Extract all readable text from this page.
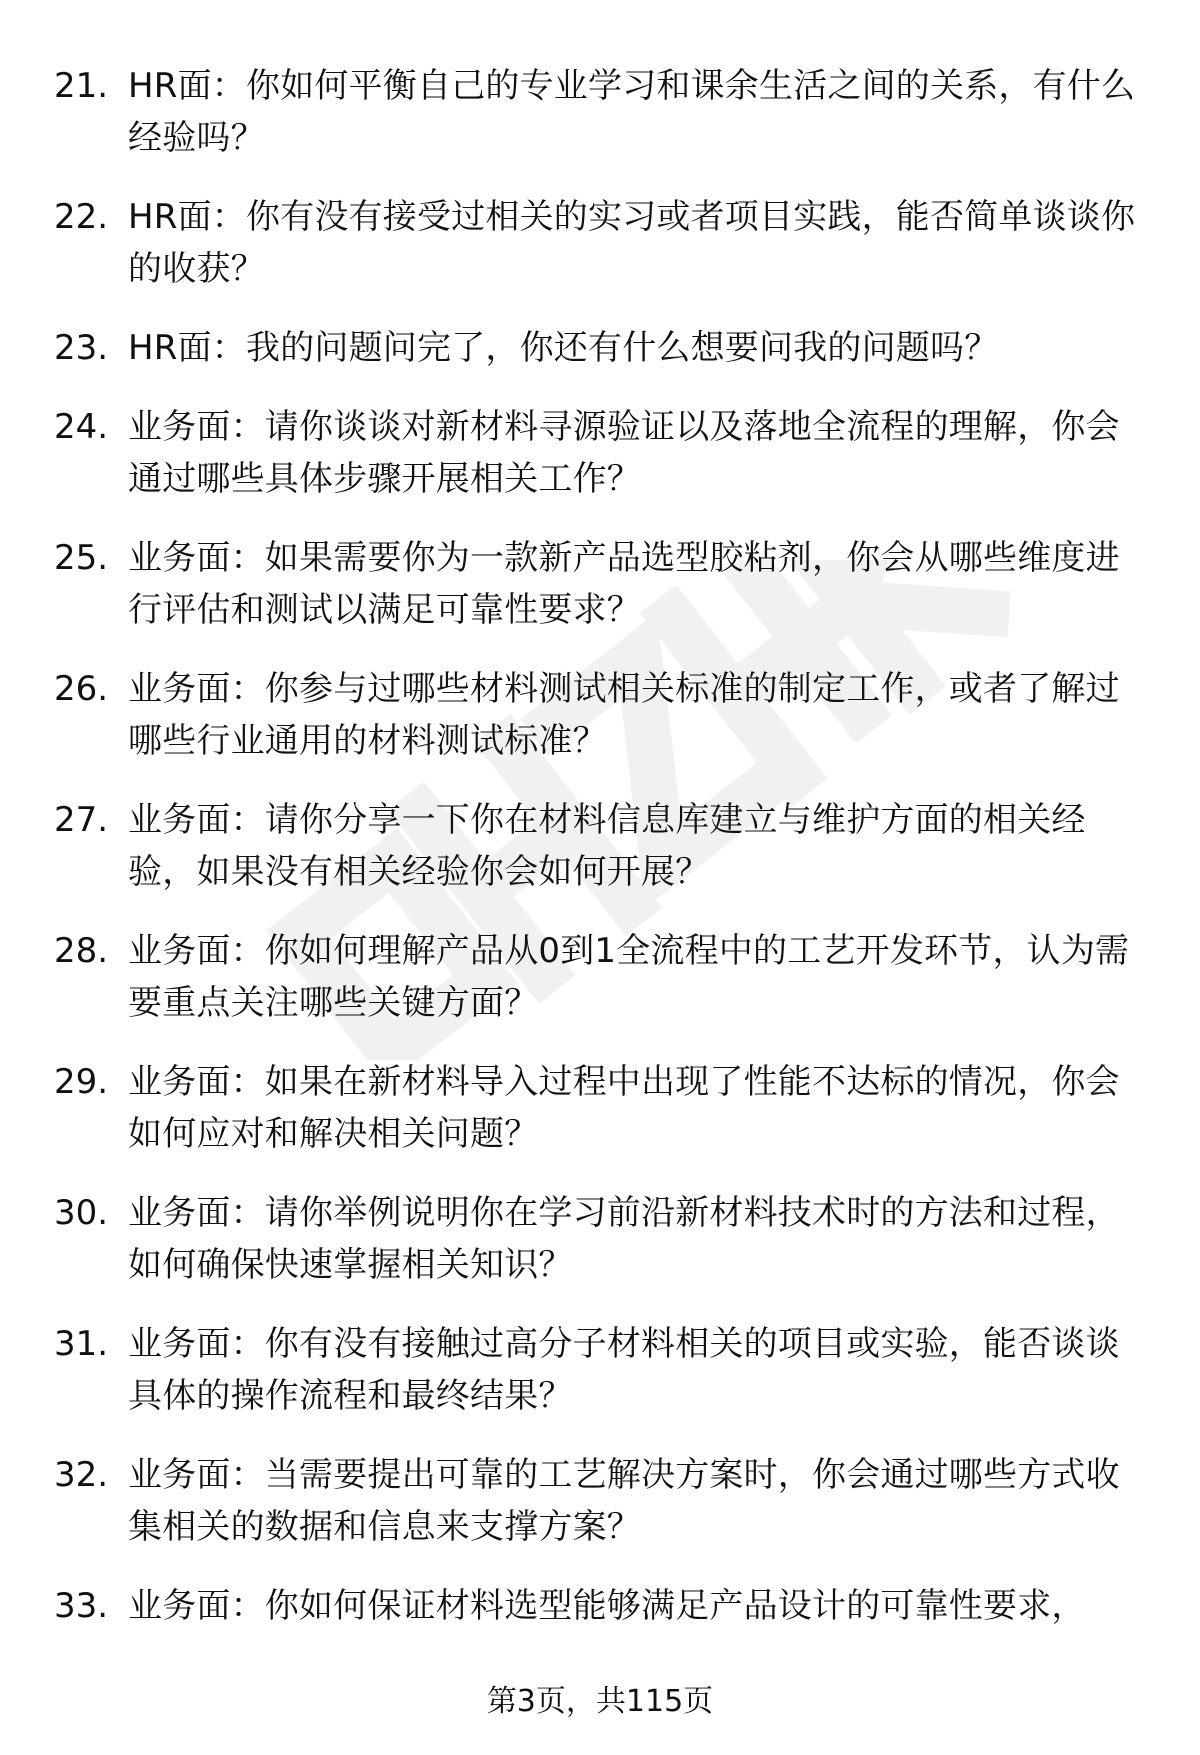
21. HR面：你如何平衡自己的专业学习和课余生活之间的关系，有什么经验吗？
22. HR面：你有没有接受过相关的实习或者项目实践，能否简单谈谈你的收获？
23. HR面：我的问题问完了，你还有什么想要问我的问题吗？
24. 业务面：请你谈谈对新材料寻源验证以及落地全流程的理解，你会通过哪些具体步骤开展相关工作？
25. 业务面：如果需要你为一款新产品选型胶粘剂，你会从哪些维度进行评估和测试以满足可靠性要求？
26. 业务面：你参与过哪些材料测试相关标准的制定工作，或者了解过哪些行业通用的材料测试标准？
27. 业务面：请你分享一下你在材料信息库建立与维护方面的相关经验，如果没有相关经验你会如何开展？
28. 业务面：你如何理解产品从0到1全流程中的工艺开发环节，认为需要重点关注哪些关键方面？
29. 业务面：如果在新材料导入过程中出现了性能不达标的情况，你会如何应对和解决相关问题？
30. 业务面：请你举例说明你在学习前沿新材料技术时的方法和过程，如何确保快速掌握相关知识？
31. 业务面：你有没有接触过高分子材料相关的项目或实验，能否谈谈具体的操作流程和最终结果？
32. 业务面：当需要提出可靠的工艺解决方案时，你会通过哪些方式收集相关的数据和信息来支撑方案？
33. 业务面：你如何保证材料选型能够满足产品设计的可靠性要求，
第3页，共115页
